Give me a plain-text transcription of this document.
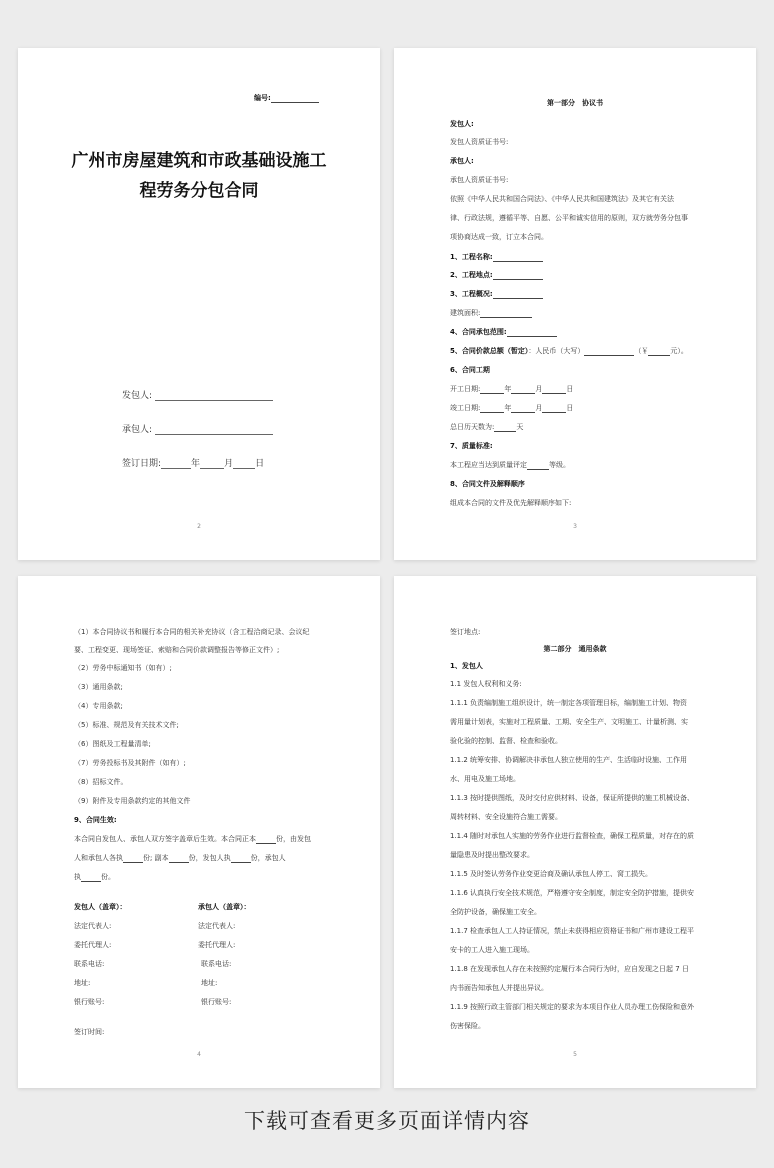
编号:
广州市房屋建筑和市政基础设施工
程劳务分包合同
发包人:
承包人:
签订日期:	年	月 日
2
第一部分　协议书
发包人:
发包人资质证书号:
承包人:
承包人资质证书号:
依照《中华人民共和国合同法》、《中华人民共和国建筑法》及其它有关法
律、行政法规，遵循平等、自愿、公平和诚实信用的原则，双方就劳务分包事
项协商达成一致，订立本合同。
1、工程名称:
2、工程地点:
3、工程概况:
建筑面积:
4、合同承包范围:
5、合同价款总额（暂定）：人民币（大写）	（￥	元）。
6、合同工期
开工日期:	年	月	日
竣工日期:	年	月	日
总日历天数为:	天
7、质量标准:
本工程应当达到质量评定	等级。
8、合同文件及解释顺序
组成本合同的文件及优先解释顺序如下:
3
（1）本合同协议书和履行本合同的相关补充协议（含工程洽商记录、会议纪
要、工程变更、现场签证、索赔和合同价款调整报告等修正文件）;
（2）劳务中标通知书（如有）;
（3）通用条款;
（4）专用条款;
（5）标准、规范及有关技术文件;
（6）图纸及工程量清单;
（7）劳务投标书及其附件（如有）;
（8）招标文件。
（9）附件及专用条款约定的其他文件
9、合同生效:
本合同自发包人、承包人双方签字盖章后生效。本合同正本	份，由发包
人和承包人各执	份; 副本	份，发包人执	份，承包人
执	份。
发包人（盖章）：	承包人（盖章）：
法定代表人:	法定代表人:
委托代理人:	委托代理人:
联系电话:	联系电话:
地址:	地址:
银行账号:	银行账号:
签订时间:
4
签订地点:
第二部分　通用条款
1、发包人
1.1 发包人权利和义务:
1.1.1 负责编制施工组织设计，统一制定各项管理目标，编制施工计划、物资
需用量计划表，实施对工程质量、工期、安全生产、文明施工、计量析测、实
验化验的控制、监督、检查和验收。
1.1.2 统筹安排、协调解决非承包人独立使用的生产、生活临时设施、工作用
水、用电及施工场地。
1.1.3 按时提供图纸，及时交付应供材料、设备，保证所提供的施工机械设备、
周转材料、安全设施符合施工需要。
1.1.4 随时对承包人实施的劳务作业进行监督检查，确保工程质量，对存在的质
量隐患及时提出整改要求。
1.1.5 及时签认劳务作业变更洽商及确认承包人停工、窝工损失。
1.1.6 认真执行安全技术规范，严格遵守安全制度，制定安全防护措施，提供安
全防护设备，确保施工安全。
1.1.7 检查承包人工人持证情况，禁止未获得相应资格证书和广州市建设工程平
安卡的工人进入施工现场。
1.1.8 在发现承包人存在未按照约定履行本合同行为时，应自发现之日起 7 日
内书面告知承包人并提出异议。
1.1.9 按照行政主管部门相关规定的要求为本项目作业人员办理工伤保险和意外
伤害保险。
5
下载可查看更多页面详情内容
